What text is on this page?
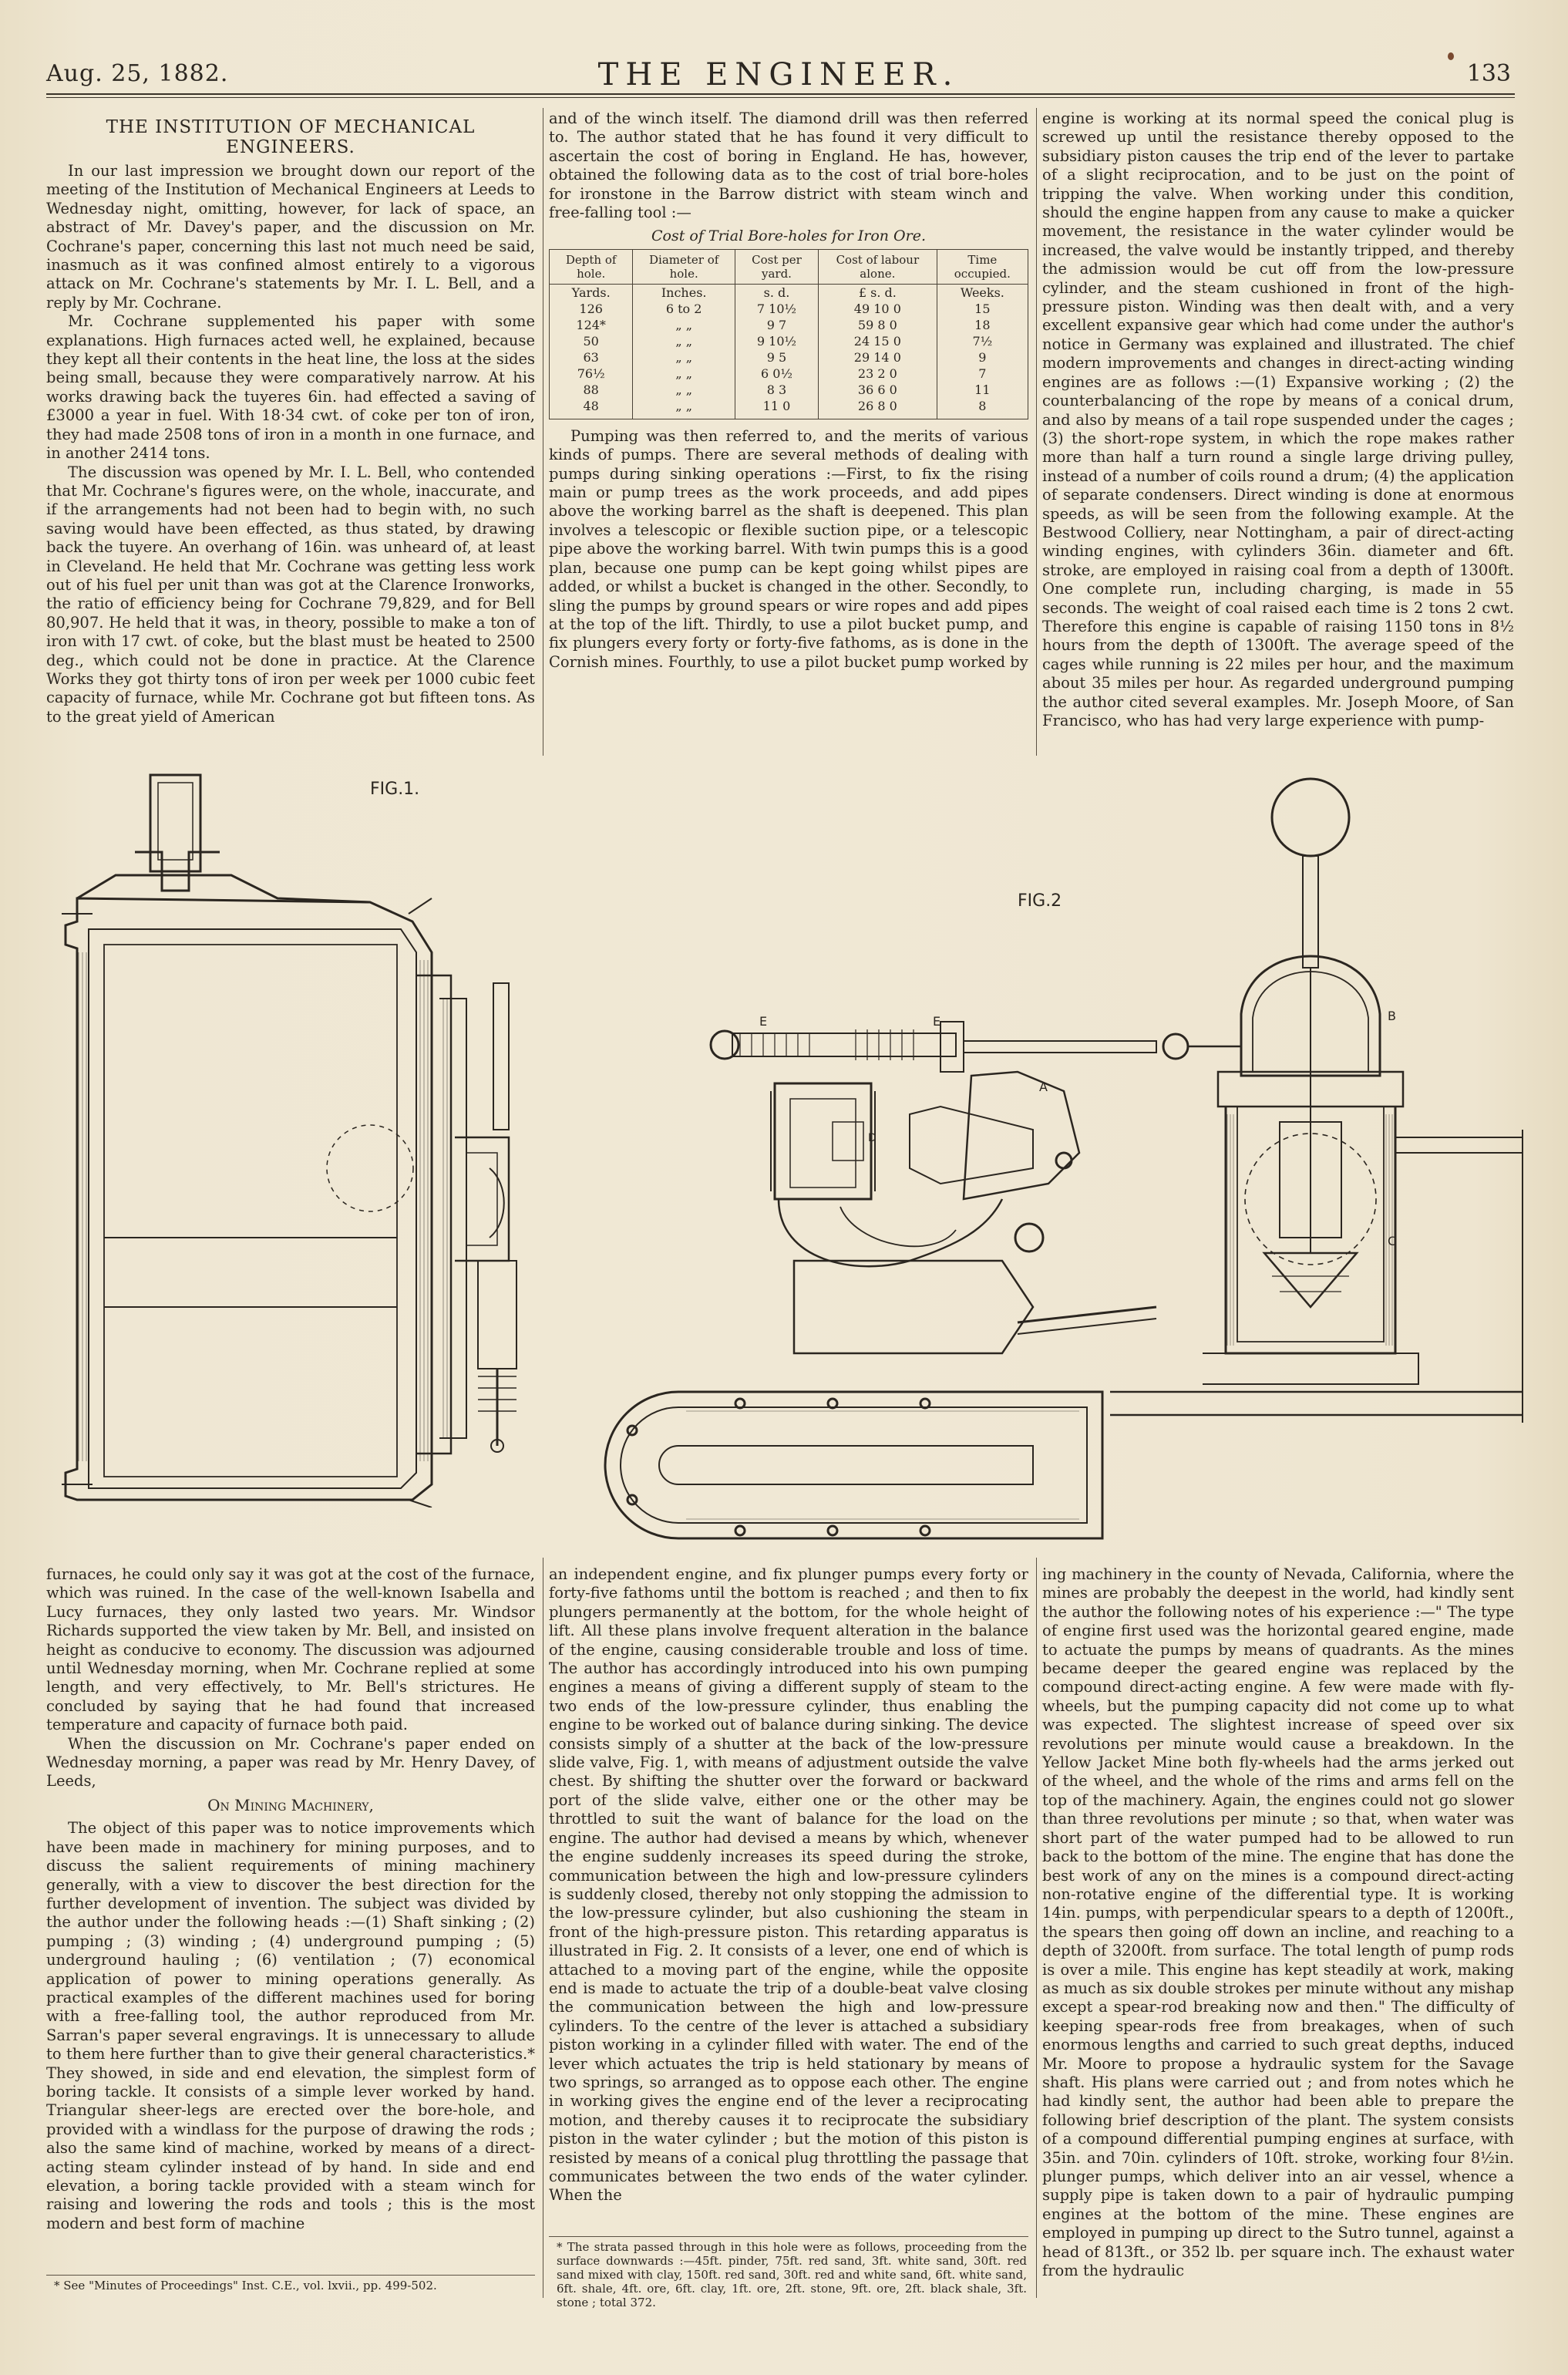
Aug. 25, 1882.	THE ENGINEER.	133
THE INSTITUTION OF MECHANICAL ENGINEERS.

In our last impression we brought down our report of the meeting of the Institution of Mechanical Engineers at Leeds to Wednesday night, omitting, however, for lack of space, an abstract of Mr. Davey's paper, and the discussion on Mr. Cochrane's paper, concerning this last not much need be said, inasmuch as it was confined almost entirely to a vigorous attack on Mr. Cochrane's statements by Mr. I. L. Bell, and a reply by Mr. Cochrane.

Mr. Cochrane supplemented his paper with some explanations. High furnaces acted well, he explained, because they kept all their contents in the heat line, the loss at the sides being small, because they were comparatively narrow. At his works drawing back the tuyeres 6in. had effected a saving of £3000 a year in fuel. With 18·34 cwt. of coke per ton of iron, they had made 2508 tons of iron in a month in one furnace, and in another 2414 tons.

The discussion was opened by Mr. I. L. Bell, who contended that Mr. Cochrane's figures were, on the whole, inaccurate, and if the arrangements had not been had to begin with, no such saving would have been effected, as thus stated, by drawing back the tuyere. An overhang of 16in. was unheard of, at least in Cleveland. He held that Mr. Cochrane was getting less work out of his fuel per unit than was got at the Clarence Ironworks, the ratio of efficiency being for Cochrane 79,829, and for Bell 80,907. He held that it was, in theory, possible to make a ton of iron with 17 cwt. of coke, but the blast must be heated to 2500 deg., which could not be done in practice. At the Clarence Works they got thirty tons of iron per week per 1000 cubic feet capacity of furnace, while Mr. Cochrane got but fifteen tons. As to the great yield of American

and of the winch itself. The diamond drill was then referred to. The author stated that he has found it very difficult to ascertain the cost of boring in England. He has, however, obtained the following data as to the cost of trial bore-holes for ironstone in the Barrow district with steam winch and free-falling tool :—

Cost of Trial Bore-holes for Iron Ore.
Depth of hole.	Diameter of hole.	Cost per yard.	Cost of labour alone.	Time occupied.
Yards.	Inches.	s. d.	£ s. d.	Weeks.
126	6 to 2	7 10½	49 10 0	15
124*	„ „	9 7	59 8 0	18
50	„ „	9 10½	24 15 0	7½
63	„ „	9 5	29 14 0	9
76½	„ „	6 0½	23 2 0	7
88	„ „	8 3	36 6 0	11
48	„ „	11 0	26 8 0	8

Pumping was then referred to, and the merits of various kinds of pumps. There are several methods of dealing with pumps during sinking operations :—First, to fix the rising main or pump trees as the work proceeds, and add pipes above the working barrel as the shaft is deepened. This plan involves a telescopic or flexible suction pipe, or a telescopic pipe above the working barrel. With twin pumps this is a good plan, because one pump can be kept going whilst pipes are added, or whilst a bucket is changed in the other. Secondly, to sling the pumps by ground spears or wire ropes and add pipes at the top of the lift. Thirdly, to use a pilot bucket pump, and fix plungers every forty or forty-five fathoms, as is done in the Cornish mines. Fourthly, to use a pilot bucket pump worked by

engine is working at its normal speed the conical plug is screwed up until the resistance thereby opposed to the subsidiary piston causes the trip end of the lever to partake of a slight reciprocation, and to be just on the point of tripping the valve. When working under this condition, should the engine happen from any cause to make a quicker movement, the resistance in the water cylinder would be increased, the valve would be instantly tripped, and thereby the admission would be cut off from the low-pressure cylinder, and the steam cushioned in front of the high-pressure piston. Winding was then dealt with, and a very excellent expansive gear which had come under the author's notice in Germany was explained and illustrated. The chief modern improvements and changes in direct-acting winding engines are as follows :—(1) Expansive working ; (2) the counterbalancing of the rope by means of a conical drum, and also by means of a tail rope suspended under the cages ; (3) the short-rope system, in which the rope makes rather more than half a turn round a single large driving pulley, instead of a number of coils round a drum; (4) the application of separate condensers. Direct winding is done at enormous speeds, as will be seen from the following example. At the Bestwood Colliery, near Nottingham, a pair of direct-acting winding engines, with cylinders 36in. diameter and 6ft. stroke, are employed in raising coal from a depth of 1300ft. One complete run, including charging, is made in 55 seconds. The weight of coal raised each time is 2 tons 2 cwt. Therefore this engine is capable of raising 1150 tons in 8½ hours from the depth of 1300ft. The average speed of the cages while running is 22 miles per hour, and the maximum about 35 miles per hour. As regarded underground pumping the author cited several examples. Mr. Joseph Moore, of San Francisco, who has had very large experience with pump-

FIG.1.
FIG.2
E	E
A
B
C
D

furnaces, he could only say it was got at the cost of the furnace, which was ruined. In the case of the well-known Isabella and Lucy furnaces, they only lasted two years. Mr. Windsor Richards supported the view taken by Mr. Bell, and insisted on height as conducive to economy. The discussion was adjourned until Wednesday morning, when Mr. Cochrane replied at some length, and very effectively, to Mr. Bell's strictures. He concluded by saying that he had found that increased temperature and capacity of furnace both paid.

When the discussion on Mr. Cochrane's paper ended on Wednesday morning, a paper was read by Mr. Henry Davey, of Leeds,

On Mining Machinery,

The object of this paper was to notice improvements which have been made in machinery for mining purposes, and to discuss the salient requirements of mining machinery generally, with a view to discover the best direction for the further development of invention. The subject was divided by the author under the following heads :—(1) Shaft sinking ; (2) pumping ; (3) winding ; (4) underground pumping ; (5) underground hauling ; (6) ventilation ; (7) economical application of power to mining operations generally. As practical examples of the different machines used for boring with a free-falling tool, the author reproduced from Mr. Sarran's paper several engravings. It is unnecessary to allude to them here further than to give their general characteristics.* They showed, in side and end elevation, the simplest form of boring tackle. It consists of a simple lever worked by hand. Triangular sheer-legs are erected over the bore-hole, and provided with a windlass for the purpose of drawing the rods ; also the same kind of machine, worked by means of a direct-acting steam cylinder instead of by hand. In side and end elevation, a boring tackle provided with a steam winch for raising and lowering the rods and tools ; this is the most modern and best form of machine

* See "Minutes of Proceedings" Inst. C.E., vol. lxvii., pp. 499-502.

an independent engine, and fix plunger pumps every forty or forty-five fathoms until the bottom is reached ; and then to fix plungers permanently at the bottom, for the whole height of lift. All these plans involve frequent alteration in the balance of the engine, causing considerable trouble and loss of time. The author has accordingly introduced into his own pumping engines a means of giving a different supply of steam to the two ends of the low-pressure cylinder, thus enabling the engine to be worked out of balance during sinking. The device consists simply of a shutter at the back of the low-pressure slide valve, Fig. 1, with means of adjustment outside the valve chest. By shifting the shutter over the forward or backward port of the slide valve, either one or the other may be throttled to suit the want of balance for the load on the engine. The author had devised a means by which, whenever the engine suddenly increases its speed during the stroke, communication between the high and low-pressure cylinders is suddenly closed, thereby not only stopping the admission to the low-pressure cylinder, but also cushioning the steam in front of the high-pressure piston. This retarding apparatus is illustrated in Fig. 2. It consists of a lever, one end of which is attached to a moving part of the engine, while the opposite end is made to actuate the trip of a double-beat valve closing the communication between the high and low-pressure cylinders. To the centre of the lever is attached a subsidiary piston working in a cylinder filled with water. The end of the lever which actuates the trip is held stationary by means of two springs, so arranged as to oppose each other. The engine in working gives the engine end of the lever a reciprocating motion, and thereby causes it to reciprocate the subsidiary piston in the water cylinder ; but the motion of this piston is resisted by means of a conical plug throttling the passage that communicates between the two ends of the water cylinder. When the

* The strata passed through in this hole were as follows, proceeding from the surface downwards :—45ft. pinder, 75ft. red sand, 3ft. white sand, 30ft. red sand mixed with clay, 150ft. red sand, 30ft. red and white sand, 6ft. white sand, 6ft. shale, 4ft. ore, 6ft. clay, 1ft. ore, 2ft. stone, 9ft. ore, 2ft. black shale, 3ft. stone ; total 372.

ing machinery in the county of Nevada, California, where the mines are probably the deepest in the world, had kindly sent the author the following notes of his experience :—" The type of engine first used was the horizontal geared engine, made to actuate the pumps by means of quadrants. As the mines became deeper the geared engine was replaced by the compound direct-acting engine. A few were made with fly-wheels, but the pumping capacity did not come up to what was expected. The slightest increase of speed over six revolutions per minute would cause a breakdown. In the Yellow Jacket Mine both fly-wheels had the arms jerked out of the wheel, and the whole of the rims and arms fell on the top of the machinery. Again, the engines could not go slower than three revolutions per minute ; so that, when water was short part of the water pumped had to be allowed to run back to the bottom of the mine. The engine that has done the best work of any on the mines is a compound direct-acting non-rotative engine of the differential type. It is working 14in. pumps, with perpendicular spears to a depth of 1200ft., the spears then going off down an incline, and reaching to a depth of 3200ft. from surface. The total length of pump rods is over a mile. This engine has kept steadily at work, making as much as six double strokes per minute without any mishap except a spear-rod breaking now and then." The difficulty of keeping spear-rods free from breakages, when of such enormous lengths and carried to such great depths, induced Mr. Moore to propose a hydraulic system for the Savage shaft. His plans were carried out ; and from notes which he had kindly sent, the author had been able to prepare the following brief description of the plant. The system consists of a compound differential pumping engines at surface, with 35in. and 70in. cylinders of 10ft. stroke, working four 8½in. plunger pumps, which deliver into an air vessel, whence a supply pipe is taken down to a pair of hydraulic pumping engines at the bottom of the mine. These engines are employed in pumping up direct to the Sutro tunnel, against a head of 813ft., or 352 lb. per square inch. The exhaust water from the hydraulic
